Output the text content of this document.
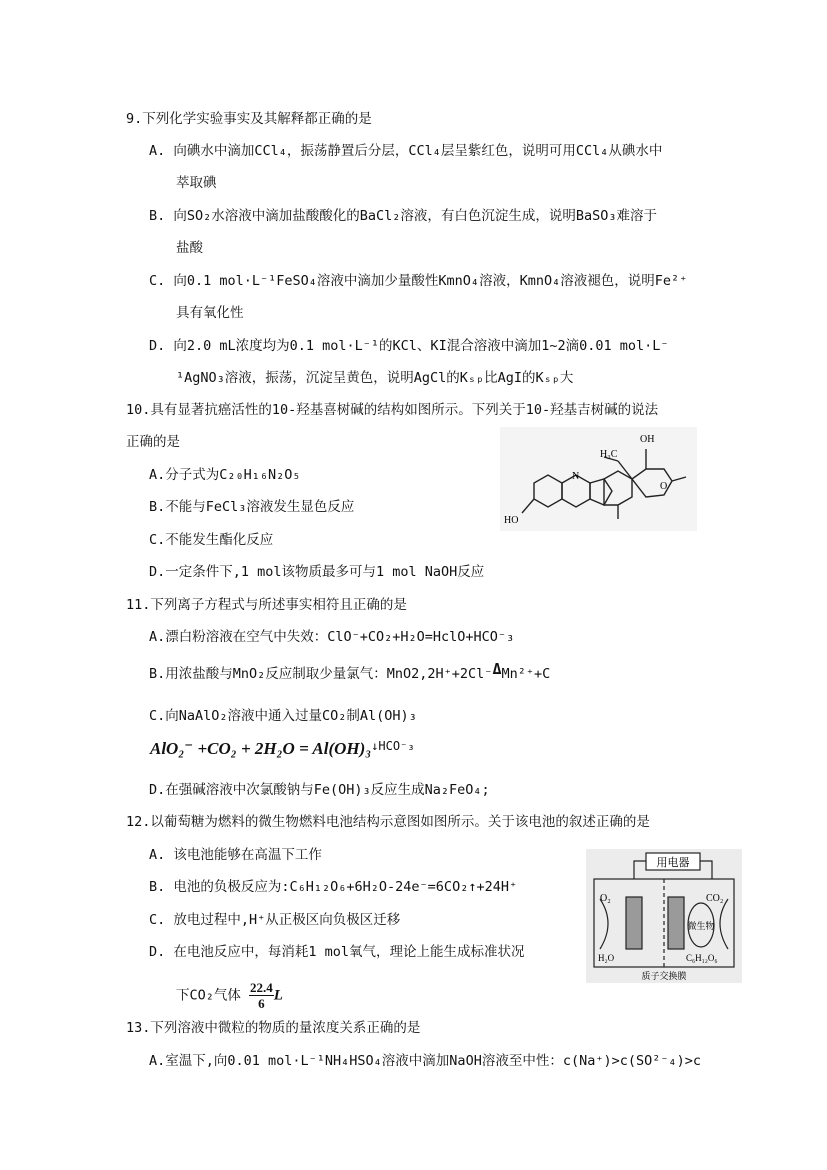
9.下列化学实验事实及其解释都正确的是
A. 向碘水中滴加CCl₄，振荡静置后分层，CCl₄层呈紫红色，说明可用CCl₄从碘水中
萃取碘
B. 向SO₂水溶液中滴加盐酸酸化的BaCl₂溶液，有白色沉淀生成，说明BaSO₃难溶于
盐酸
C. 向0.1 mol·L⁻¹FeSO₄溶液中滴加少量酸性KmnO₄溶液，KmnO₄溶液褪色，说明Fe²⁺
具有氧化性
D. 向2.0 mL浓度均为0.1 mol·L⁻¹的KCl、KI混合溶液中滴加1~2滴0.01 mol·L⁻
¹AgNO₃溶液，振荡，沉淀呈黄色，说明AgCl的Kₛₚ比AgI的Kₛₚ大
10.具有显著抗癌活性的10-羟基喜树碱的结构如图所示。下列关于10-羟基吉树碱的说法
正确的是
A.分子式为C₂₀H₁₆N₂O₅
B.不能与FeCl₃溶液发生显色反应
C.不能发生酯化反应
D.一定条件下,1 mol该物质最多可与1 mol NaOH反应
OH
H₃C
HO
N
O
11.下列离子方程式与所述事实相符且正确的是
A.漂白粉溶液在空气中失效：ClO⁻+CO₂+H₂O=HclO+HCO⁻₃
B.用浓盐酸与MnO₂反应制取少量氯气：MnO2,2H⁺+2Cl⁻ΔMn²⁺+C
C.向NaAlO₂溶液中通入过量CO₂制Al(OH)₃
AlO₂⁻ +CO₂ + 2H₂O = Al(OH)₃↓HCO⁻₃
D.在强碱溶液中次氯酸钠与Fe(OH)₃反应生成Na₂FeO₄;
12.以葡萄糖为燃料的微生物燃料电池结构示意图如图所示。关于该电池的叙述正确的是
A. 该电池能够在高温下工作
B. 电池的负极反应为:C₆H₁₂O₆+6H₂O-24e⁻=6CO₂↑+24H⁺
C. 放电过程中,H⁺从正极区向负极区迁移
D. 在电池反应中，每消耗1 mol氧气，理论上能生成标准状况
下CO₂气体 $\frac{22.4}{6}$ L
用电器
O₂	CO₂
微生物
H₂O	C₆H₁₂O₆
质子交换膜
13.下列溶液中微粒的物质的量浓度关系正确的是
A.室温下,向0.01 mol·L⁻¹NH₄HSO₄溶液中滴加NaOH溶液至中性：c(Na⁺)>c(SO²⁻₄)>c
